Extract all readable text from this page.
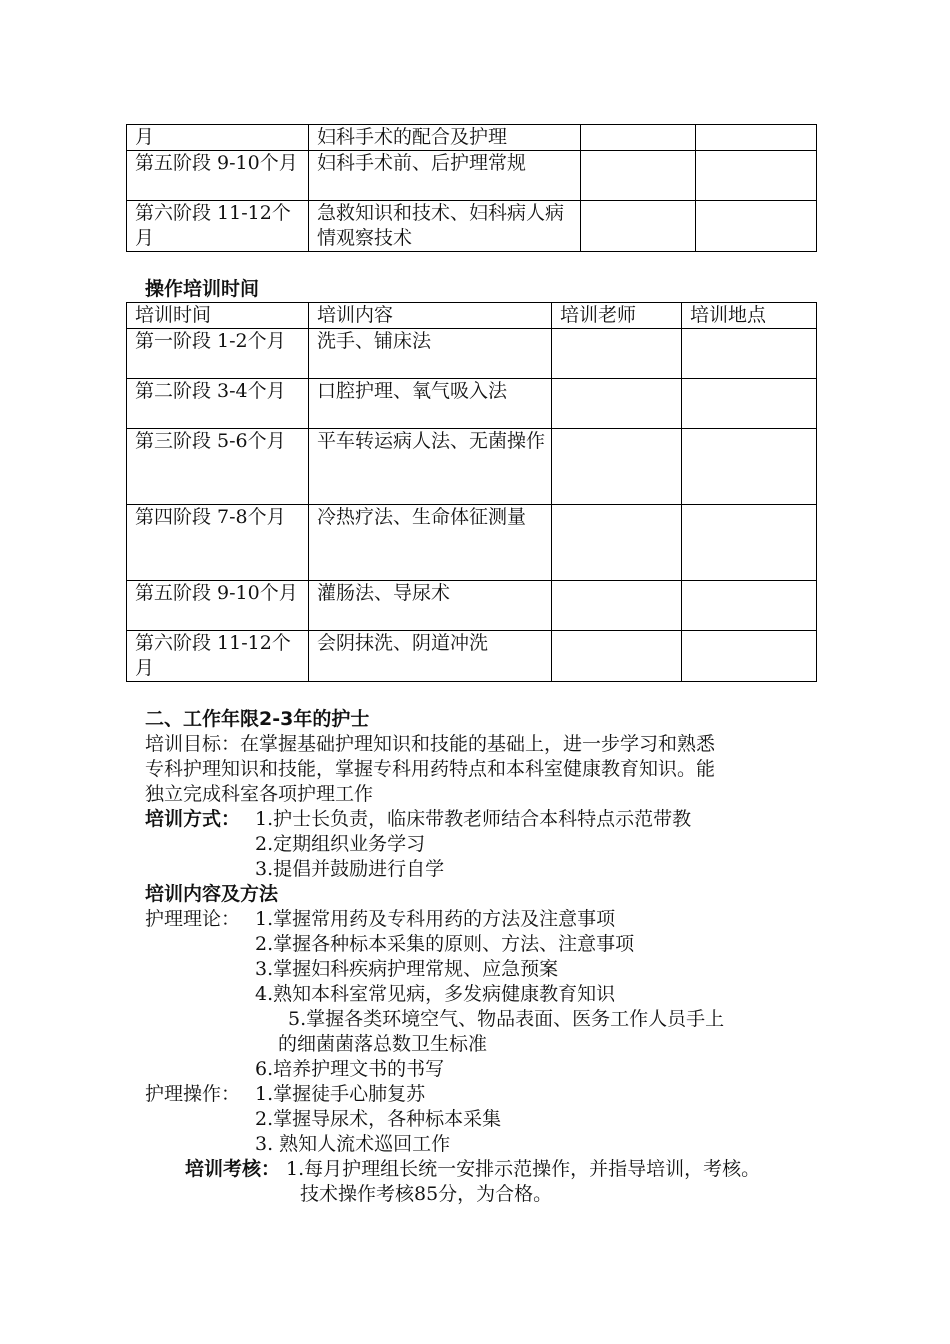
月	妇科手术的配合及护理		
第五阶段 9-10个月	妇科手术前、后护理常规		
第六阶段 11-12个月	急救知识和技术、妇科病人病情观察技术		
操作培训时间
培训时间	培训内容	培训老师	培训地点
第一阶段 1-2个月	洗手、铺床法		
第二阶段 3-4个月	口腔护理、氧气吸入法		
第三阶段 5-6个月	平车转运病人法、无菌操作		
第四阶段 7-8个月	冷热疗法、生命体征测量		
第五阶段 9-10个月	灌肠法、导尿术		
第六阶段 11-12个月	会阴抹洗、阴道冲洗		
二、工作年限2-3年的护士
培训目标：在掌握基础护理知识和技能的基础上，进一步学习和熟悉
专科护理知识和技能，掌握专科用药特点和本科室健康教育知识。能
独立完成科室各项护理工作
培训方式： 1.护士长负责，临床带教老师结合本科特点示范带教
2.定期组织业务学习
3.提倡并鼓励进行自学
培训内容及方法
护理理论： 1.掌握常用药及专科用药的方法及注意事项
2.掌握各种标本采集的原则、方法、注意事项
3.掌握妇科疾病护理常规、应急预案
4.熟知本科室常见病，多发病健康教育知识
5.掌握各类环境空气、物品表面、医务工作人员手上
的细菌菌落总数卫生标准
6.培养护理文书的书写
护理操作： 1.掌握徒手心肺复苏
2.掌握导尿术，各种标本采集
3. 熟知人流术巡回工作
培训考核： 1.每月护理组长统一安排示范操作，并指导培训，考核。
技术操作考核85分，为合格。
